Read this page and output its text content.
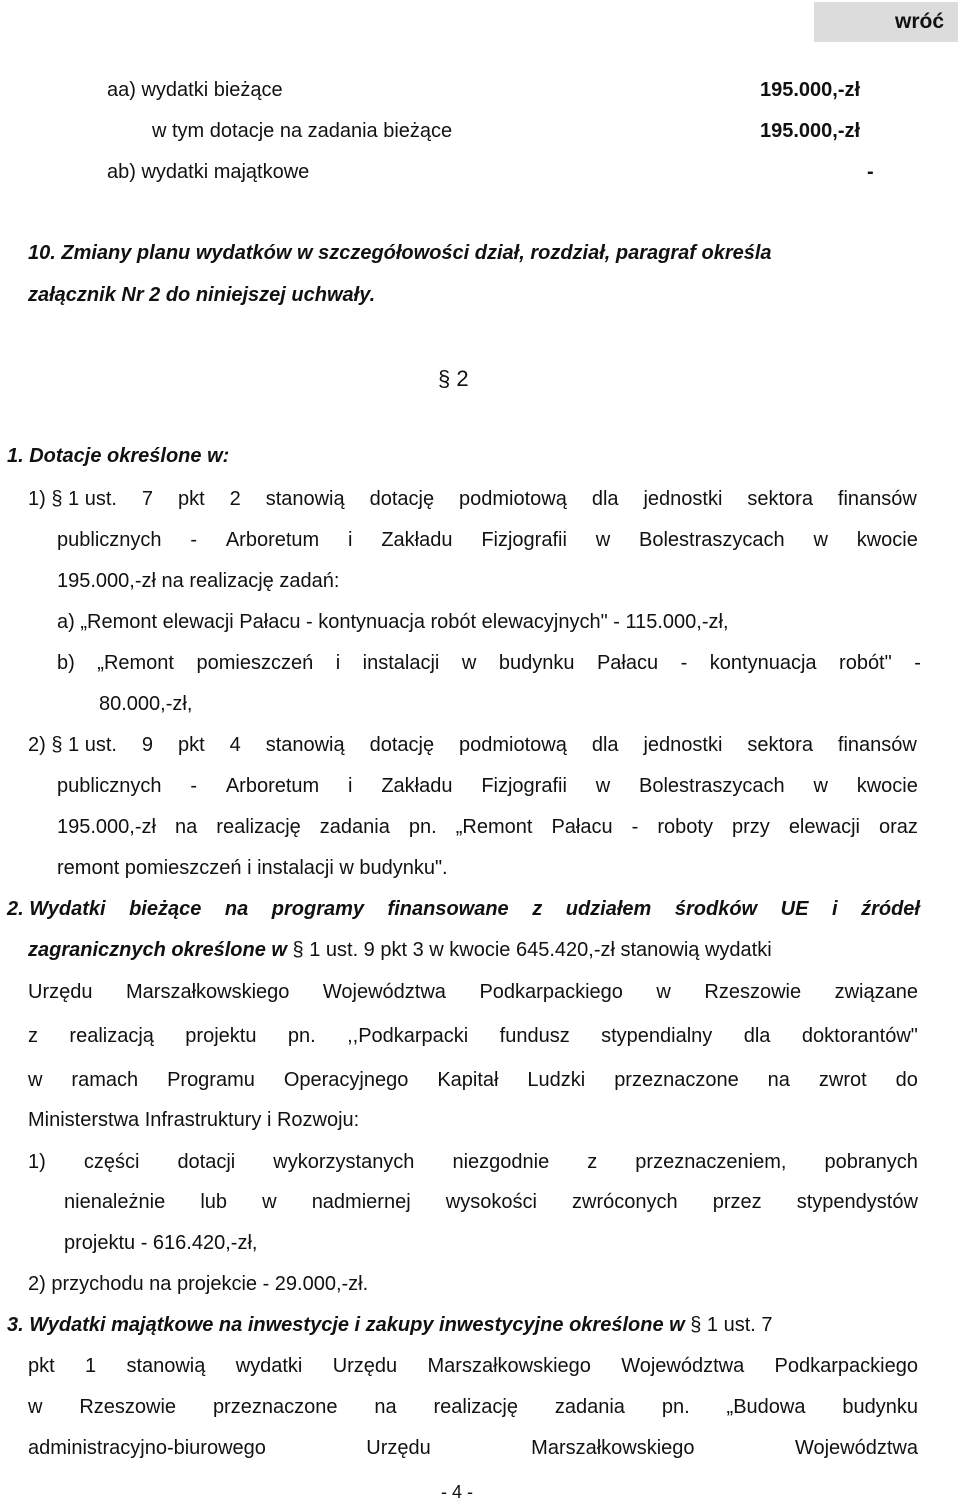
wróć
aa) wydatki bieżące	195.000,-zł
w tym dotacje na zadania bieżące	195.000,-zł
ab) wydatki majątkowe	-
10. Zmiany planu wydatków w szczegółowości dział, rozdział, paragraf określa
załącznik Nr 2 do niniejszej uchwały.
§ 2
1. Dotacje określone w:
1) § 1 ust. 7 pkt 2 stanowią dotację podmiotową dla jednostki sektora finansów
publicznych - Arboretum i Zakładu Fizjografii w Bolestraszycach w kwocie
195.000,-zł na realizację zadań:
a) „Remont elewacji Pałacu - kontynuacja robót elewacyjnych" - 115.000,-zł,
b) „Remont pomieszczeń i instalacji w budynku Pałacu - kontynuacja robót" -
80.000,-zł,
2) § 1 ust. 9 pkt 4 stanowią dotację podmiotową dla jednostki sektora finansów
publicznych - Arboretum i Zakładu Fizjografii w Bolestraszycach w kwocie
195.000,-zł na realizację zadania pn. „Remont Pałacu - roboty przy elewacji oraz
remont pomieszczeń i instalacji w budynku".
2. Wydatki bieżące na programy finansowane z udziałem środków UE i źródeł
zagranicznych określone w § 1 ust. 9 pkt 3 w kwocie 645.420,-zł stanowią wydatki
Urzędu Marszałkowskiego Województwa Podkarpackiego w Rzeszowie związane
z realizacją projektu pn. ,,Podkarpacki fundusz stypendialny dla doktorantów"
w ramach Programu Operacyjnego Kapitał Ludzki przeznaczone na zwrot do
Ministerstwa Infrastruktury i Rozwoju:
1) części dotacji wykorzystanych niezgodnie z przeznaczeniem, pobranych
nienależnie lub w nadmiernej wysokości zwróconych przez stypendystów
projektu - 616.420,-zł,
2) przychodu na projekcie - 29.000,-zł.
3. Wydatki majątkowe na inwestycje i zakupy inwestycyjne określone w § 1 ust. 7
pkt 1 stanowią wydatki Urzędu Marszałkowskiego Województwa Podkarpackiego
w Rzeszowie przeznaczone na realizację zadania pn. „Budowa budynku
administracyjno-biurowego	Urzędu	Marszałkowskiego	Województwa
- 4 -
